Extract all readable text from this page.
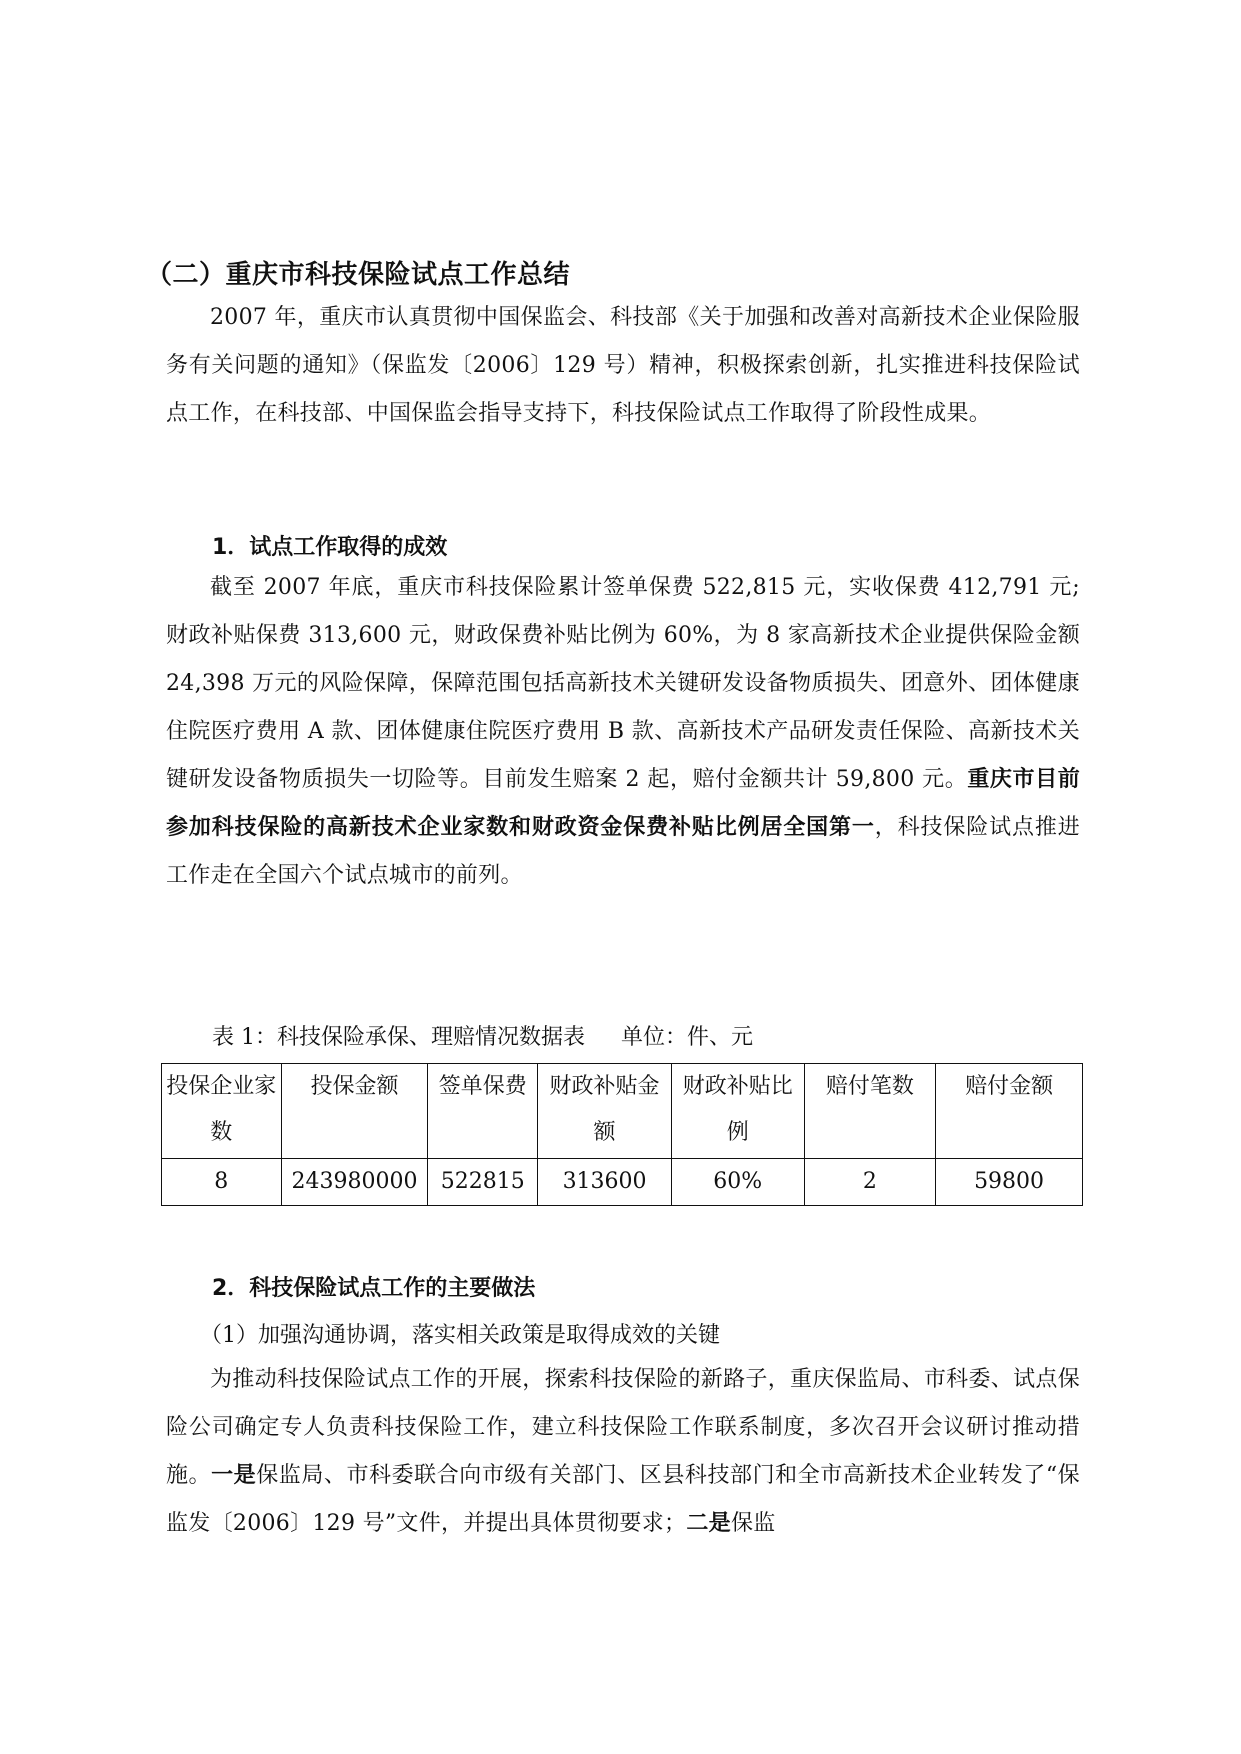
（二）重庆市科技保险试点工作总结

2007 年，重庆市认真贯彻中国保监会、科技部《关于加强和改善对高新技术企业保险服务有关问题的通知》（保监发〔2006〕129 号）精神，积极探索创新，扎实推进科技保险试点工作，在科技部、中国保监会指导支持下，科技保险试点工作取得了阶段性成果。

1．试点工作取得的成效

截至 2007 年底，重庆市科技保险累计签单保费 522,815 元，实收保费 412,791 元;财政补贴保费 313,600 元，财政保费补贴比例为 60%，为 8 家高新技术企业提供保险金额 24,398 万元的风险保障，保障范围包括高新技术关键研发设备物质损失、团意外、团体健康住院医疗费用 A 款、团体健康住院医疗费用 B 款、高新技术产品研发责任保险、高新技术关键研发设备物质损失一切险等。目前发生赔案 2 起，赔付金额共计 59,800 元。重庆市目前参加科技保险的高新技术企业家数和财政资金保费补贴比例居全国第一，科技保险试点推进工作走在全国六个试点城市的前列。

表 1：科技保险承保、理赔情况数据表 单位：件、元
投保企业家数	投保金额	签单保费	财政补贴金额	财政补贴比例	赔付笔数	赔付金额
8	243980000	522815	313600	60%	2	59800
2．科技保险试点工作的主要做法
（1）加强沟通协调，落实相关政策是取得成效的关键

为推动科技保险试点工作的开展，探索科技保险的新路子，重庆保监局、市科委、试点保险公司确定专人负责科技保险工作，建立科技保险工作联系制度，多次召开会议研讨推动措施。一是保监局、市科委联合向市级有关部门、区县科技部门和全市高新技术企业转发了“保监发〔2006〕129 号”文件，并提出具体贯彻要求；二是保监
